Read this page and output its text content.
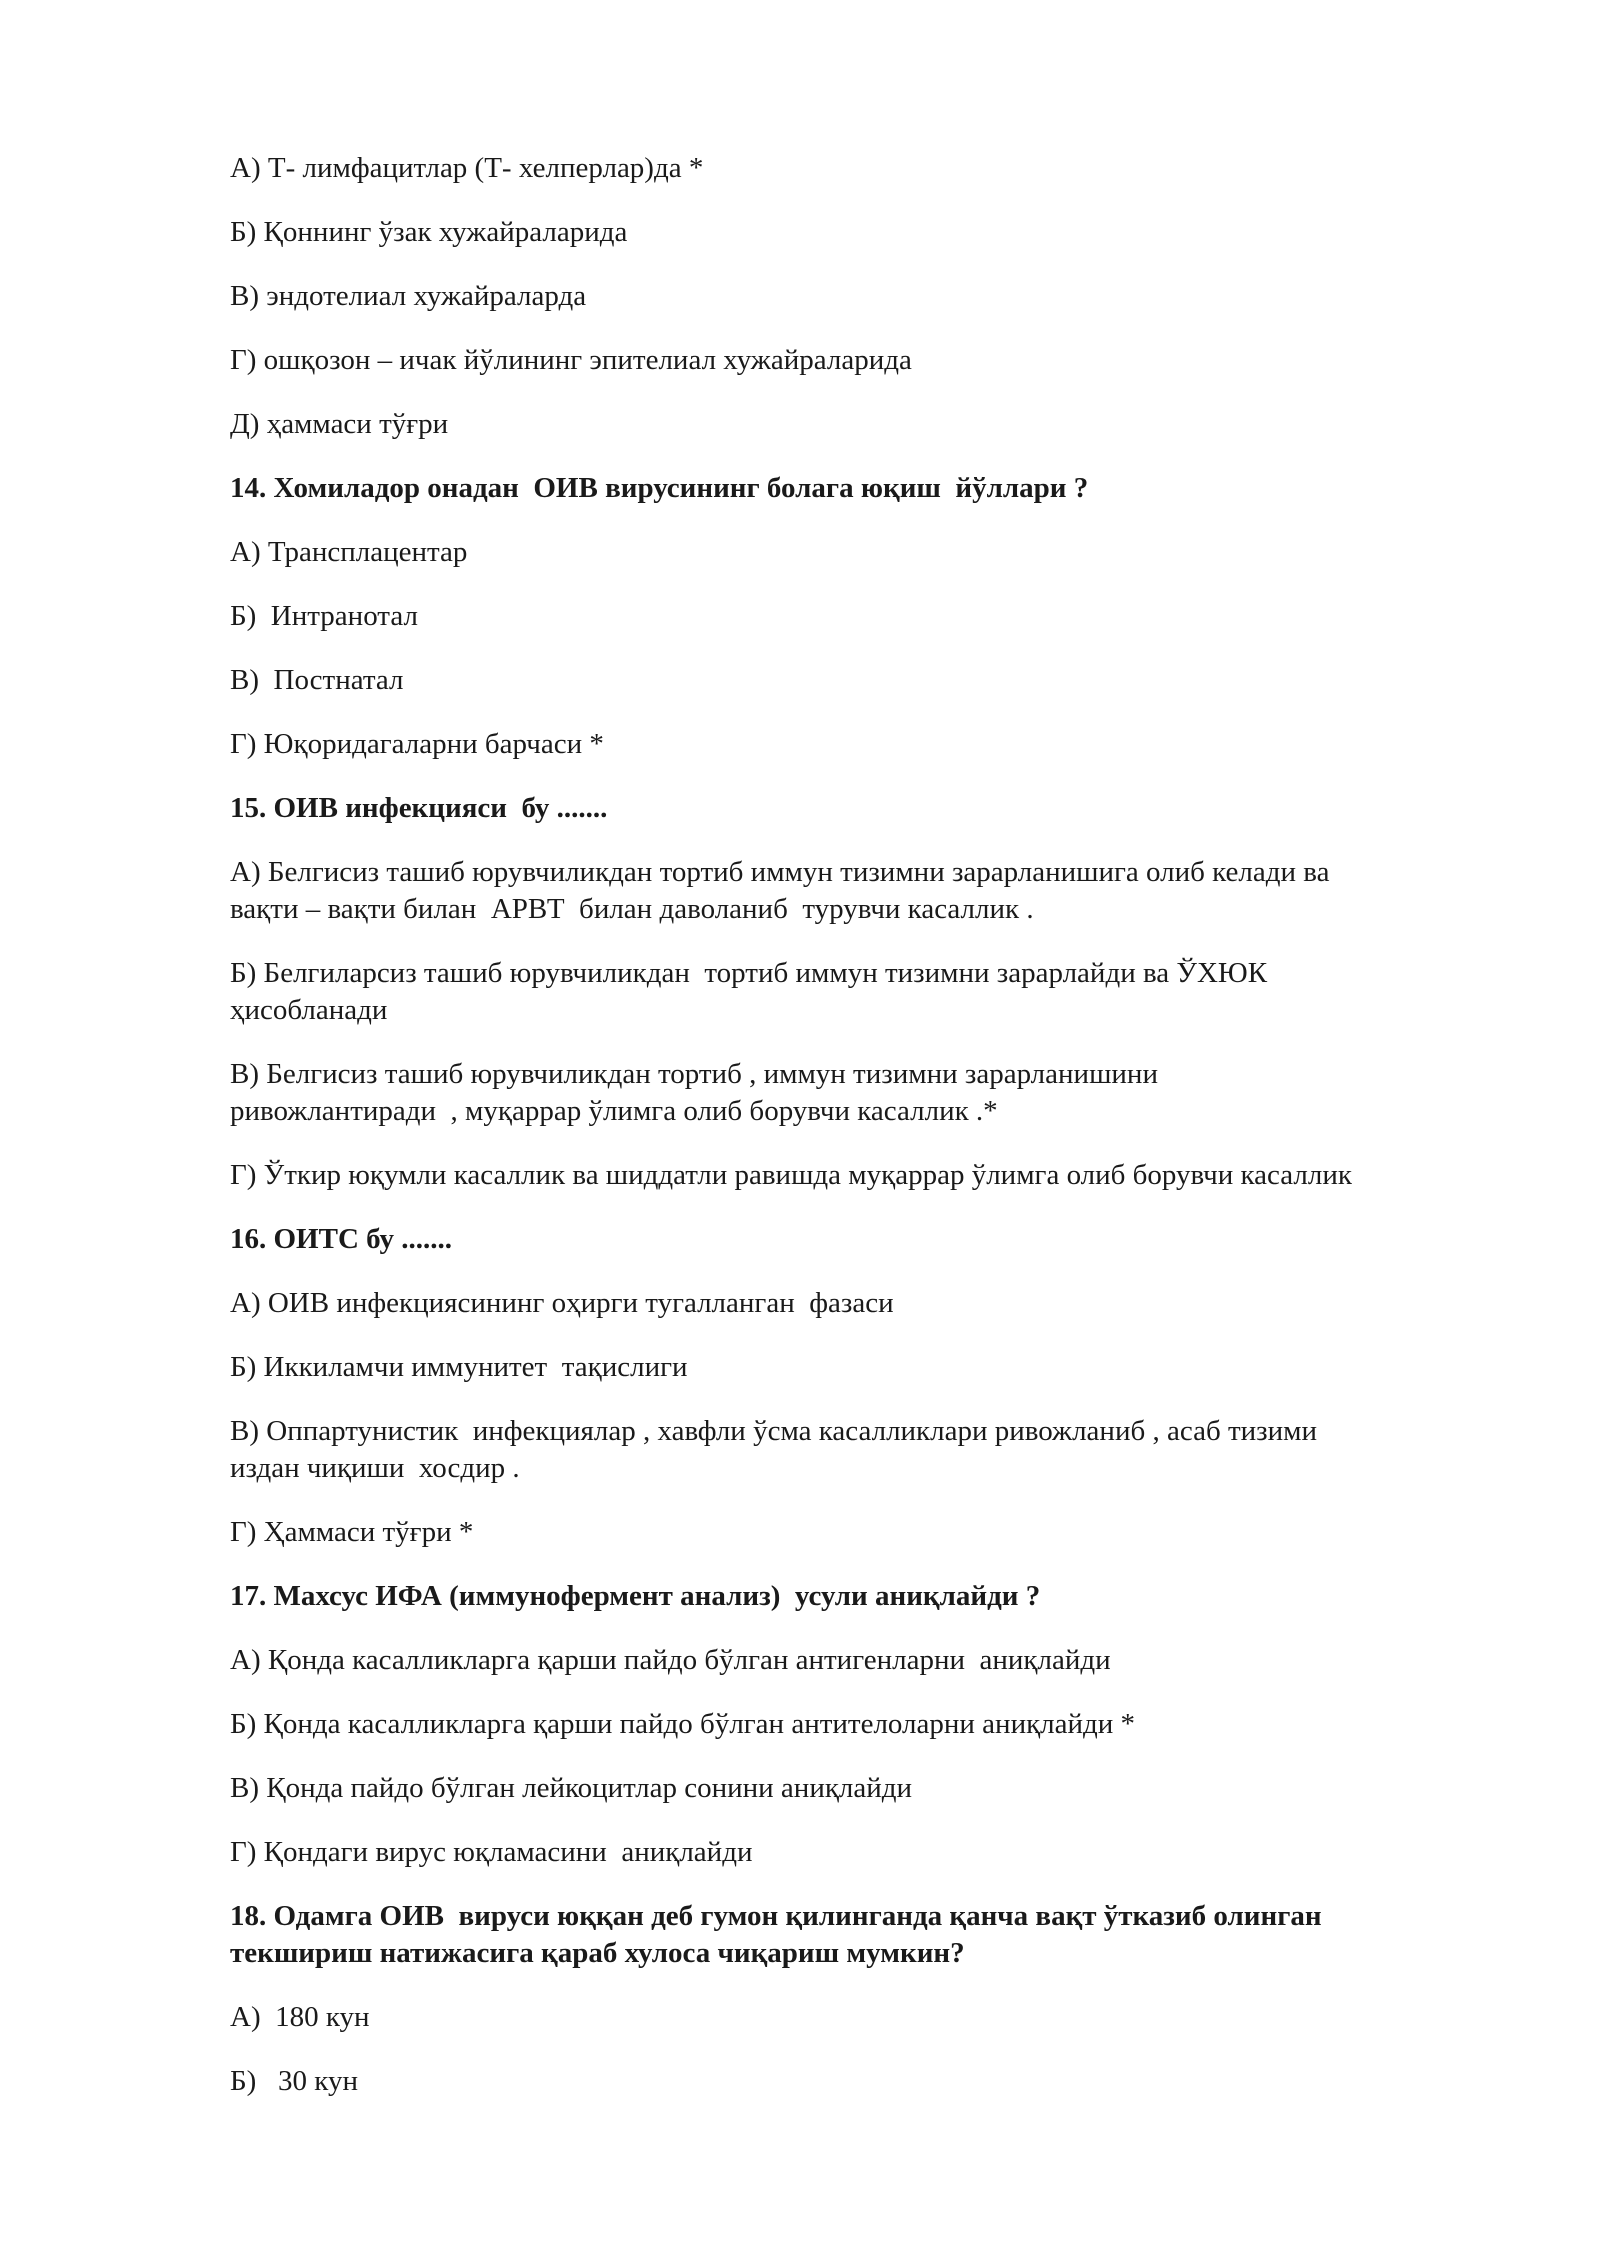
А) Т- лимфацитлар (Т- хелперлар)да *
Б) Қоннинг ўзак хужайраларида
В) эндотелиал хужайраларда
Г) ошқозон – ичак йўлининг эпителиал хужайраларида
Д) ҳаммаси тўғри
14. Хомиладор онадан  ОИВ вирусининг болага юқиш  йўллари ?
А) Трансплацентар
Б)  Интранотал
В)  Постнатал
Г) Юқоридагаларни барчаси *
15. ОИВ инфекцияси  бу .......
А) Белгисиз ташиб юрувчиликдан тортиб иммун тизимни зарарланишига олиб келади ва
вақти – вақти билан  АРВТ  билан даволаниб  турувчи касаллик .
Б) Белгиларсиз ташиб юрувчиликдан  тортиб иммун тизимни зарарлайди ва ЎХЮК
ҳисобланади
В) Белгисиз ташиб юрувчиликдан тортиб , иммун тизимни зарарланишини
ривожлантиради  , муқаррар ўлимга олиб борувчи касаллик .*
Г) Ўткир юқумли касаллик ва шиддатли равишда муқаррар ўлимга олиб борувчи касаллик
16. ОИТС бу .......
А) ОИВ инфекциясининг оҳирги тугалланган  фазаси
Б) Иккиламчи иммунитет  тақислиги
В) Оппартунистик  инфекциялар , хавфли ўсма касалликлари ривожланиб , асаб тизими
издан чиқиши  хосдир .
Г) Ҳаммаси тўғри *
17. Махсус ИФА (иммунофермент анализ)  усули аниқлайди ?
А) Қонда касалликларга қарши пайдо бўлган антигенларни  аниқлайди
Б) Қонда касалликларга қарши пайдо бўлган антителоларни аниқлайди *
В) Қонда пайдо бўлган лейкоцитлар сонини аниқлайди
Г) Қондаги вирус юқламасини  аниқлайди
18. Одамга ОИВ  вируси юққан деб гумон қилинганда қанча вақт ўтказиб олинган
текшириш натижасига қараб хулоса чиқариш мумкин?
А)  180 кун
Б)   30 кун
